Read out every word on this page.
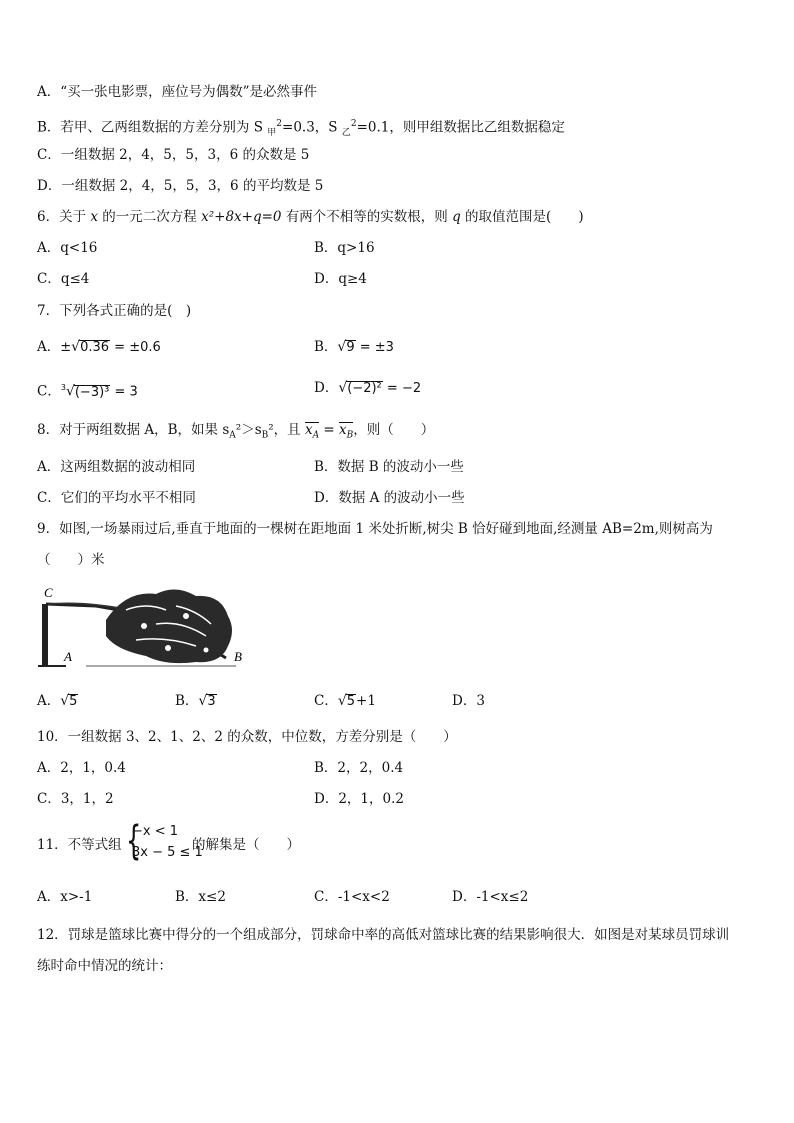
A．“买一张电影票，座位号为偶数”是必然事件
B．若甲、乙两组数据的方差分别为 S $_甲^2$=0.3，S $_乙^2$=0.1，则甲组数据比乙组数据稳定
C．一组数据 2，4，5，5，3，6 的众数是 5
D．一组数据 2，4，5，5，3，6 的平均数是 5
6．关于 x 的一元二次方程 x²+8x+q=0 有两个不相等的实数根，则 q 的取值范围是(　　)
A．q<16	B．q>16
C．q≤4	D．q≥4
7．下列各式正确的是(　)
A．±√0.36 = ±0.6	B．√9 = ±3
C．$^3$√(−3)³ = 3	D．√(−2)² = −2
8．对于两组数据 A，B，如果 $s_A^2>s_B^2$，且 $x_A = x_B$，则（　　）
A．这两组数据的波动相同	B．数据 B 的波动小一些
C．它们的平均水平不相同	D．数据 A 的波动小一些
9．如图,一场暴雨过后,垂直于地面的一棵树在距地面 1 米处折断,树尖 B 恰好碰到地面,经测量 AB=2m,则树高为
（　　）米
C
A	B
A．√5	B．√3	C．√5+1	D．3
10．一组数据 3、2、1、2、2 的众数，中位数，方差分别是（　　）
A．2，1，0.4	B．2，2，0.4
C．3，1，2	D．2，1，0.2
11．不等式组 {
−x < 1
3x − 5 ≤ 1
的解集是（　　）
A．x>-1	B．x≤2	C．-1<x<2	D．-1<x≤2
12．罚球是篮球比赛中得分的一个组成部分，罚球命中率的高低对篮球比赛的结果影响很大．如图是对某球员罚球训
练时命中情况的统计：
